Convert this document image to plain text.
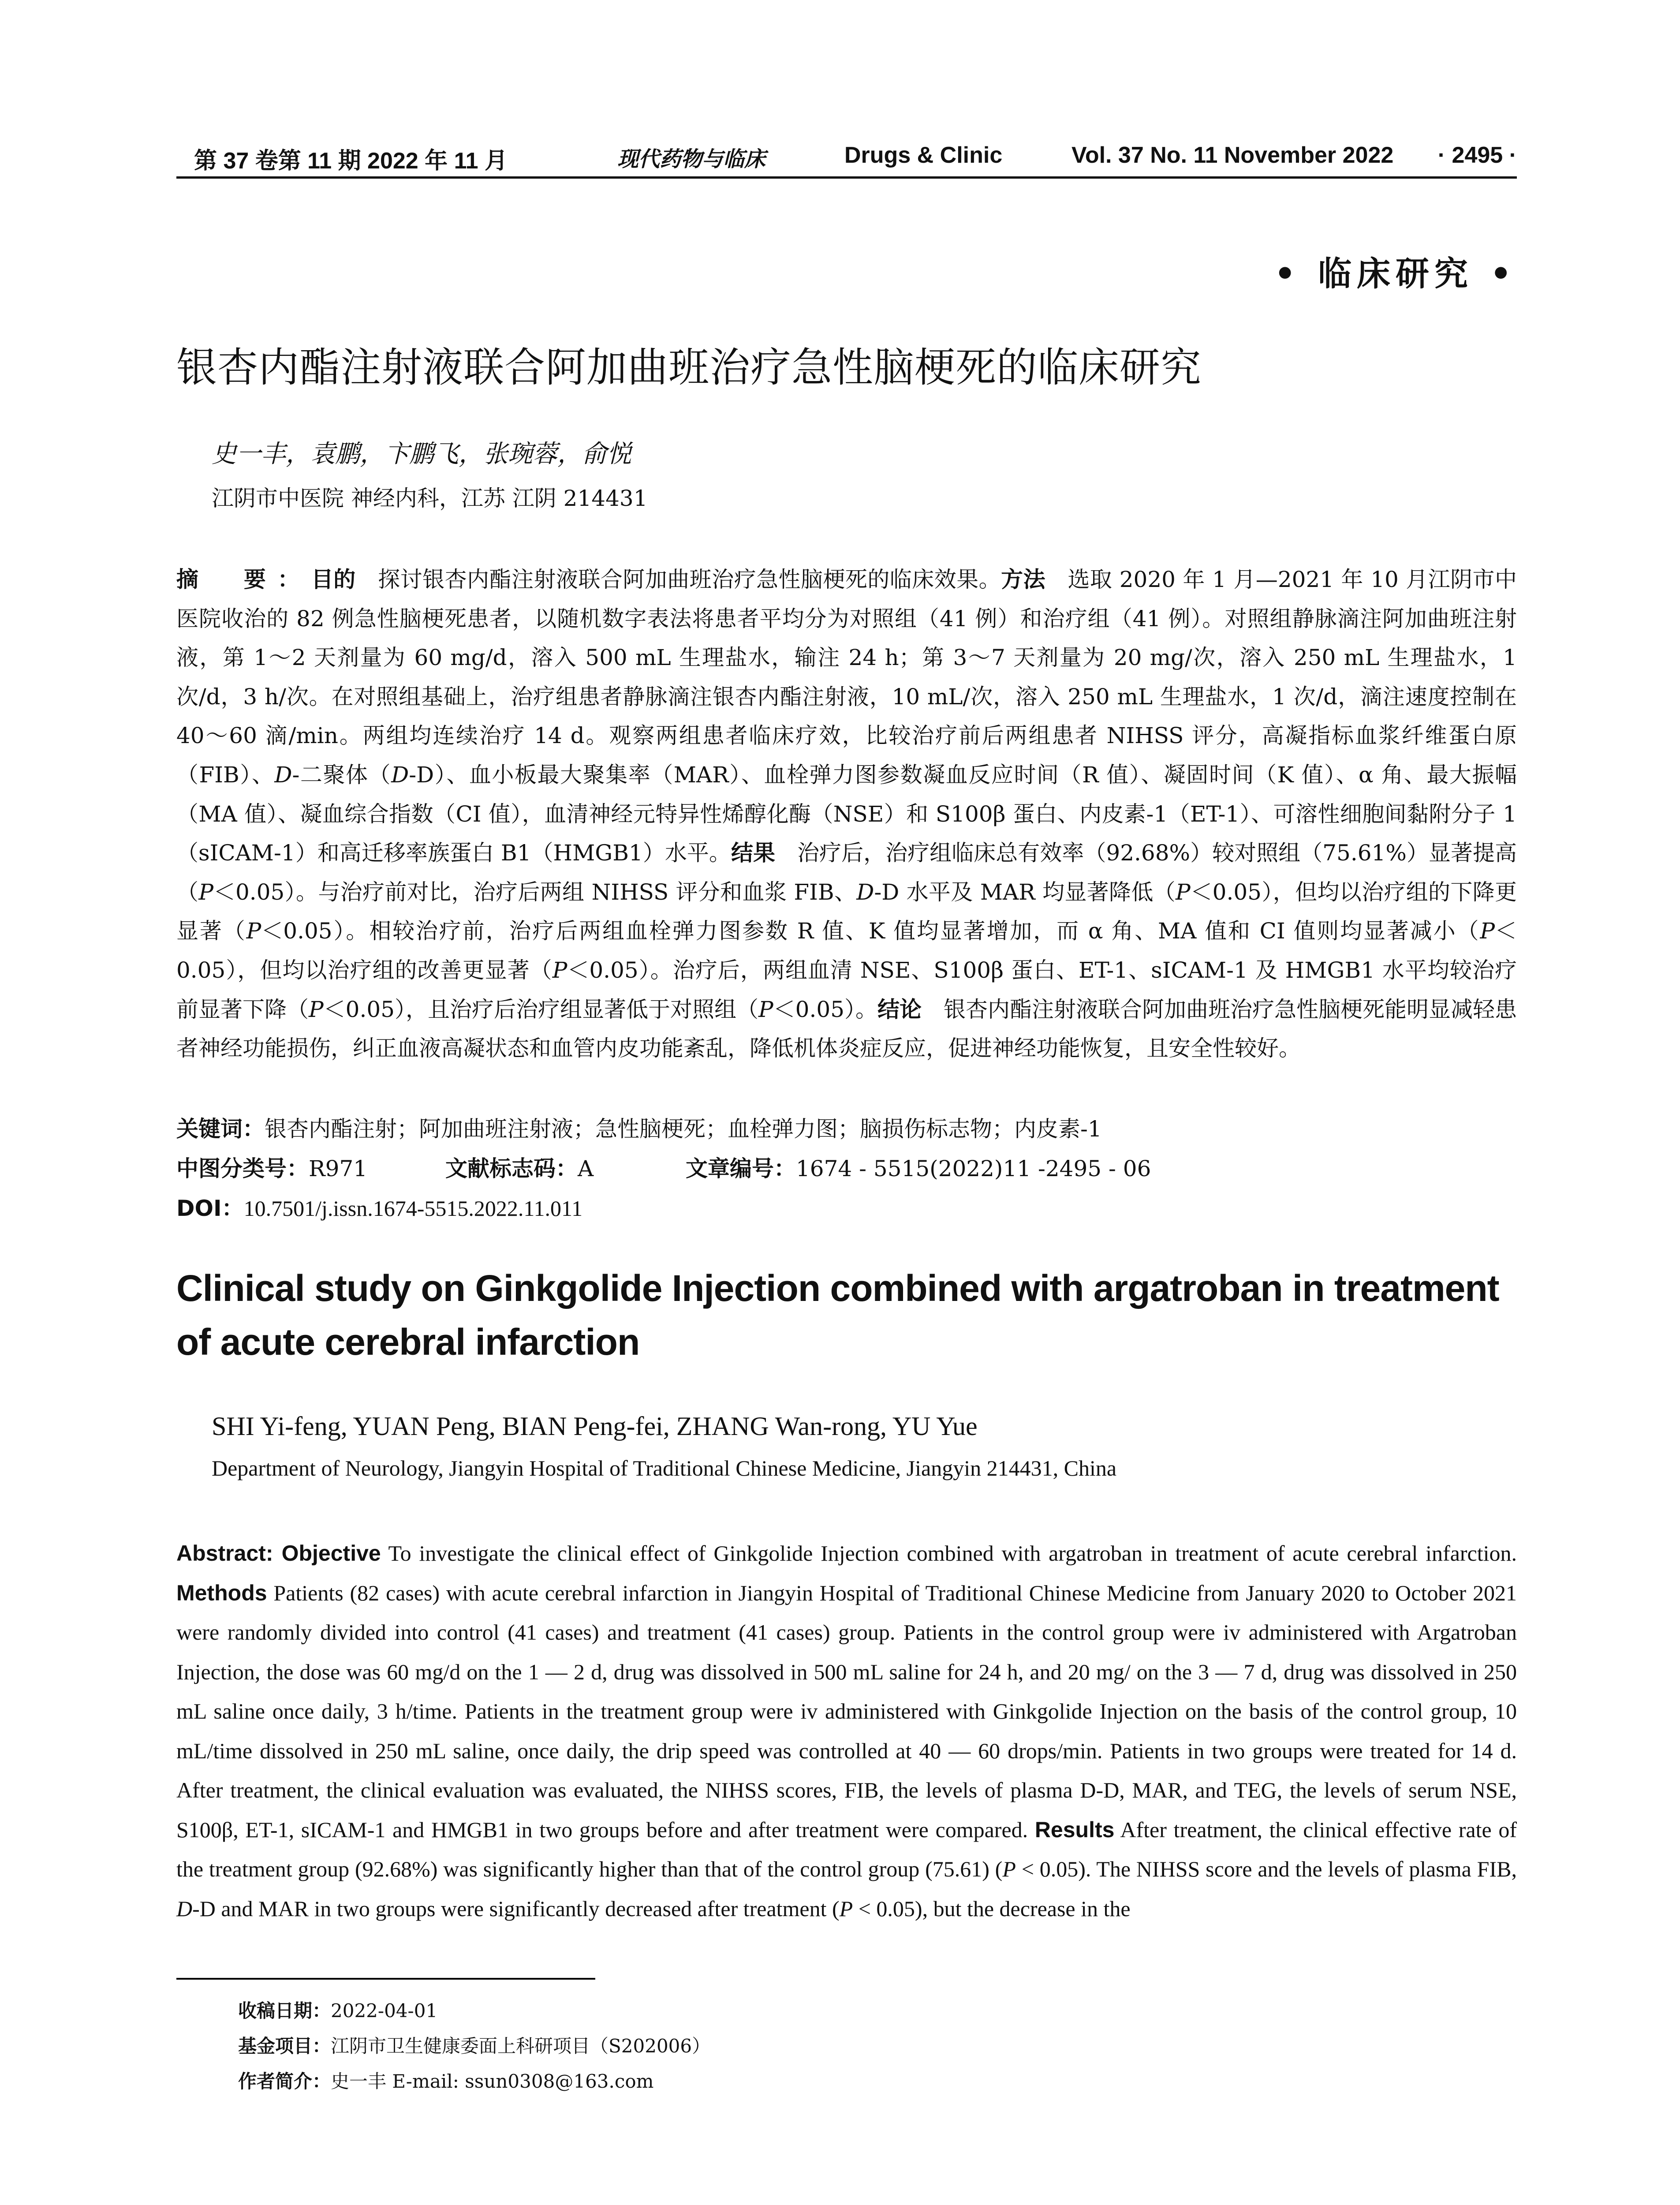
第 37 卷第 11 期 2022 年 11 月	现代药物与临床	Drugs & Clinic	Vol. 37 No. 11 November 2022 · 2495 ·
• 临床研究 •
银杏内酯注射液联合阿加曲班治疗急性脑梗死的临床研究
史一丰，袁鹏，卞鹏飞，张琬蓉，俞悦
江阴市中医院 神经内科，江苏 江阴 214431
摘　要：目的　探讨银杏内酯注射液联合阿加曲班治疗急性脑梗死的临床效果。方法　选取 2020 年 1 月—2021 年 10 月江阴市中医院收治的 82 例急性脑梗死患者，以随机数字表法将患者平均分为对照组（41 例）和治疗组（41 例）。对照组静脉滴注阿加曲班注射液，第 1～2 天剂量为 60 mg/d，溶入 500 mL 生理盐水，输注 24 h；第 3～7 天剂量为 20 mg/次，溶入 250 mL 生理盐水，1 次/d，3 h/次。在对照组基础上，治疗组患者静脉滴注银杏内酯注射液，10 mL/次，溶入 250 mL 生理盐水，1 次/d，滴注速度控制在 40～60 滴/min。两组均连续治疗 14 d。观察两组患者临床疗效，比较治疗前后两组患者 NIHSS 评分，高凝指标血浆纤维蛋白原（FIB）、D-二聚体（D-D）、血小板最大聚集率（MAR）、血栓弹力图参数凝血反应时间（R 值）、凝固时间（K 值）、α 角、最大振幅（MA 值）、凝血综合指数（CI 值），血清神经元特异性烯醇化酶（NSE）和 S100β 蛋白、内皮素-1（ET-1）、可溶性细胞间黏附分子 1（sICAM-1）和高迁移率族蛋白 B1（HMGB1）水平。结果　治疗后，治疗组临床总有效率（92.68%）较对照组（75.61%）显著提高（P＜0.05）。与治疗前对比，治疗后两组 NIHSS 评分和血浆 FIB、D-D 水平及 MAR 均显著降低（P＜0.05），但均以治疗组的下降更显著（P＜0.05）。相较治疗前，治疗后两组血栓弹力图参数 R 值、K 值均显著增加，而 α 角、MA 值和 CI 值则均显著减小（P＜0.05），但均以治疗组的改善更显著（P＜0.05）。治疗后，两组血清 NSE、S100β 蛋白、ET-1、sICAM-1 及 HMGB1 水平均较治疗前显著下降（P＜0.05），且治疗后治疗组显著低于对照组（P＜0.05）。结论　银杏内酯注射液联合阿加曲班治疗急性脑梗死能明显减轻患者神经功能损伤，纠正血液高凝状态和血管内皮功能紊乱，降低机体炎症反应，促进神经功能恢复，且安全性较好。
关键词：银杏内酯注射；阿加曲班注射液；急性脑梗死；血栓弹力图；脑损伤标志物；内皮素-1
中图分类号：R971	文献标志码：A	文章编号：1674 - 5515(2022)11 -2495 - 06
DOI：10.7501/j.issn.1674-5515.2022.11.011
Clinical study on Ginkgolide Injection combined with argatroban in treatment of acute cerebral infarction
SHI Yi-feng, YUAN Peng, BIAN Peng-fei, ZHANG Wan-rong, YU Yue
Department of Neurology, Jiangyin Hospital of Traditional Chinese Medicine, Jiangyin 214431, China
Abstract: Objective To investigate the clinical effect of Ginkgolide Injection combined with argatroban in treatment of acute cerebral infarction. Methods Patients (82 cases) with acute cerebral infarction in Jiangyin Hospital of Traditional Chinese Medicine from January 2020 to October 2021 were randomly divided into control (41 cases) and treatment (41 cases) group. Patients in the control group were iv administered with Argatroban Injection, the dose was 60 mg/d on the 1 — 2 d, drug was dissolved in 500 mL saline for 24 h, and 20 mg/ on the 3 — 7 d, drug was dissolved in 250 mL saline once daily, 3 h/time. Patients in the treatment group were iv administered with Ginkgolide Injection on the basis of the control group, 10 mL/time dissolved in 250 mL saline, once daily, the drip speed was controlled at 40 — 60 drops/min. Patients in two groups were treated for 14 d. After treatment, the clinical evaluation was evaluated, the NIHSS scores, FIB, the levels of plasma D-D, MAR, and TEG, the levels of serum NSE, S100β, ET-1, sICAM-1 and HMGB1 in two groups before and after treatment were compared. Results After treatment, the clinical effective rate of the treatment group (92.68%) was significantly higher than that of the control group (75.61) (P < 0.05). The NIHSS score and the levels of plasma FIB, D-D and MAR in two groups were significantly decreased after treatment (P < 0.05), but the decrease in the
收稿日期：2022-04-01
基金项目：江阴市卫生健康委面上科研项目（S202006）
作者简介：史一丰 E-mail: ssun0308@163.com
